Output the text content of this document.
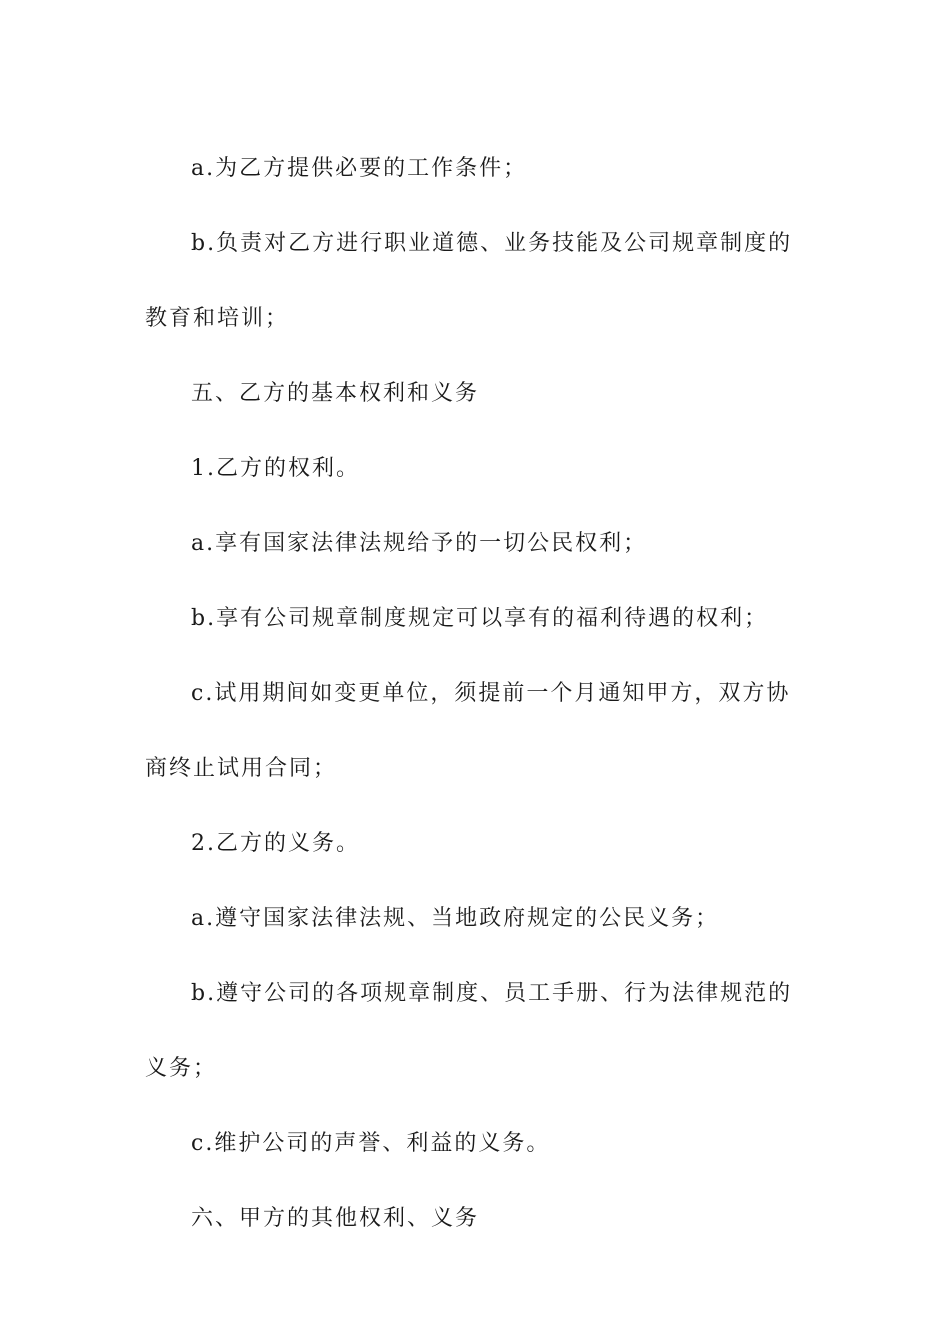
a.为乙方提供必要的工作条件；

b.负责对乙方进行职业道德、业务技能及公司规章制度的

教育和培训；

五、乙方的基本权利和义务

1.乙方的权利。

a.享有国家法律法规给予的一切公民权利；

b.享有公司规章制度规定可以享有的福利待遇的权利；

c.试用期间如变更单位，须提前一个月通知甲方，双方协

商终止试用合同；

2.乙方的义务。

a.遵守国家法律法规、当地政府规定的公民义务；

b.遵守公司的各项规章制度、员工手册、行为法律规范的

义务；

c.维护公司的声誉、利益的义务。

六、甲方的其他权利、义务
